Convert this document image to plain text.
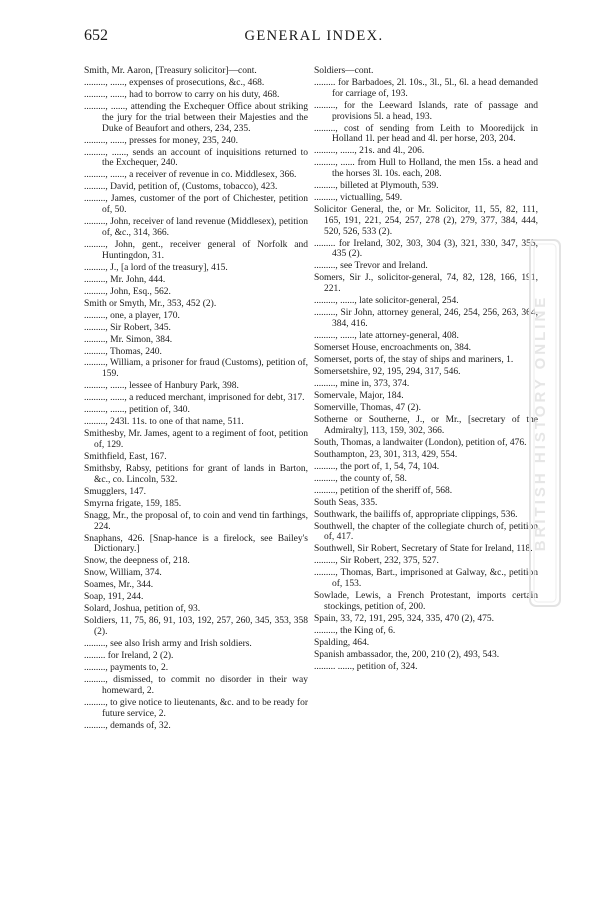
652	GENERAL INDEX.
Smith, Mr. Aaron, [Treasury solicitor]—cont.
........., ......, expenses of prosecutions, &c., 468.
........., ......, had to borrow to carry on his duty, 468.
........., ......, attending the Exchequer Office about striking the jury for the trial between their Majesties and the Duke of Beaufort and others, 234, 235.
........., ......, presses for money, 235, 240.
........., ......, sends an account of inquisitions returned to the Exchequer, 240.
........., ......, a receiver of revenue in co. Middlesex, 366.
........., David, petition of, (Customs, tobacco), 423.
........., James, customer of the port of Chichester, petition of, 50.
........., John, receiver of land revenue (Middlesex), petition of, &c., 314, 366.
........., John, gent., receiver general of Norfolk and Huntingdon, 31.
........., J., [a lord of the treasury], 415.
........., Mr. John, 444.
........., John, Esq., 562.
Smith or Smyth, Mr., 353, 452 (2).
........., one, a player, 170.
........., Sir Robert, 345.
........., Mr. Simon, 384.
........., Thomas, 240.
........., William, a prisoner for fraud (Customs), petition of, 159.
........., ......, lessee of Hanbury Park, 398.
........., ......, a reduced merchant, imprisoned for debt, 317.
........., ......, petition of, 340.
........., 243l. 11s. to one of that name, 511.
Smithesby, Mr. James, agent to a regiment of foot, petition of, 129.
Smithfield, East, 167.
Smithsby, Rabsy, petitions for grant of lands in Barton, &c., co. Lincoln, 532.
Smugglers, 147.
Smyrna frigate, 159, 185.
Snagg, Mr., the proposal of, to coin and vend tin farthings, 224.
Snaphans, 426. [Snap-hance is a firelock, see Bailey's Dictionary.]
Snow, the deepness of, 218.
Snow, William, 374.
Soames, Mr., 344.
Soap, 191, 244.
Solard, Joshua, petition of, 93.
Soldiers, 11, 75, 86, 91, 103, 192, 257, 260, 345, 353, 358 (2).
........., see also Irish army and Irish soldiers.
......... for Ireland, 2 (2).
........., payments to, 2.
........., dismissed, to commit no disorder in their way homeward, 2.
........., to give notice to lieutenants, &c. and to be ready for future service, 2.
........., demands of, 32.
Soldiers—cont.
......... for Barbadoes, 2l. 10s., 3l., 5l., 6l. a head demanded for carriage of, 193.
........., for the Leeward Islands, rate of passage and provisions 5l. a head, 193.
........., cost of sending from Leith to Mooredijck in Holland 1l. per head and 4l. per horse, 203, 204.
........., ......, 21s. and 4l., 206.
........., ...... from Hull to Holland, the men 15s. a head and the horses 3l. 10s. each, 208.
........., billeted at Plymouth, 539.
........., victualling, 549.
Solicitor General, the, or Mr. Solicitor, 11, 55, 82, 111, 165, 191, 221, 254, 257, 278 (2), 279, 377, 384, 444, 520, 526, 533 (2).
......... for Ireland, 302, 303, 304 (3), 321, 330, 347, 355, 435 (2).
........., see Trevor and Ireland.
Somers, Sir J., solicitor-general, 74, 82, 128, 166, 191, 221.
........., ......, late solicitor-general, 254.
........., Sir John, attorney general, 246, 254, 256, 263, 364, 384, 416.
........., ......, late attorney-general, 408.
Somerset House, encroachments on, 384.
Somerset, ports of, the stay of ships and mariners, 1.
Somersetshire, 92, 195, 294, 317, 546.
........., mine in, 373, 374.
Somervale, Major, 184.
Somerville, Thomas, 47 (2).
Sotherne or Southerne, J., or Mr., [secretary of the Admiralty], 113, 159, 302, 366.
South, Thomas, a landwaiter (London), petition of, 476.
Southampton, 23, 301, 313, 429, 554.
........., the port of, 1, 54, 74, 104.
........., the county of, 58.
........., petition of the sheriff of, 568.
South Seas, 335.
Southwark, the bailiffs of, appropriate clippings, 536.
Southwell, the chapter of the collegiate church of, petition of, 417.
Southwell, Sir Robert, Secretary of State for Ireland, 118.
........., Sir Robert, 232, 375, 527.
........., Thomas, Bart., imprisoned at Galway, &c., petition of, 153.
Sowlade, Lewis, a French Protestant, imports certain stockings, petition of, 200.
Spain, 33, 72, 191, 295, 324, 335, 470 (2), 475.
........., the King of, 6.
Spalding, 464.
Spanish ambassador, the, 200, 210 (2), 493, 543.
......... ......, petition of, 324.
BRITISH HISTORY ONLINE
